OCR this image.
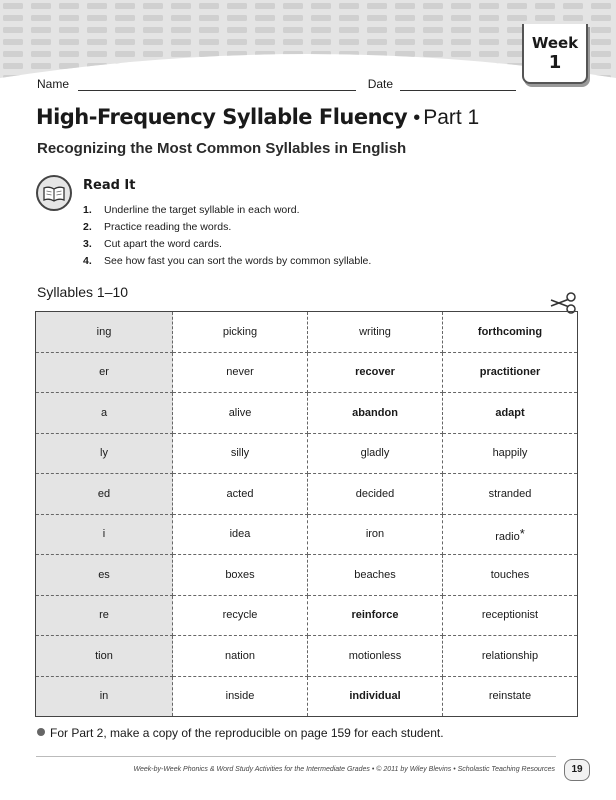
Week
1
Name	Date
High-Frequency Syllable Fluency • Part 1
Recognizing the Most Common Syllables in English
Read It
1. Underline the target syllable in each word.
2. Practice reading the words.
3. Cut apart the word cards.
4. See how fast you can sort the words by common syllable.
Syllables 1–10
ing	picking	writing	forthcoming
er	never	recover	practitioner
a	alive	abandon	adapt
ly	silly	gladly	happily
ed	acted	decided	stranded
i	idea	iron	radio*
es	boxes	beaches	touches
re	recycle	reinforce	receptionist
tion	nation	motionless	relationship
in	inside	individual	reinstate
For Part 2, make a copy of the reproducible on page 159 for each student.
Week-by-Week Phonics & Word Study Activities for the Intermediate Grades • © 2011 by Wiley Blevins • Scholastic Teaching Resources	19
